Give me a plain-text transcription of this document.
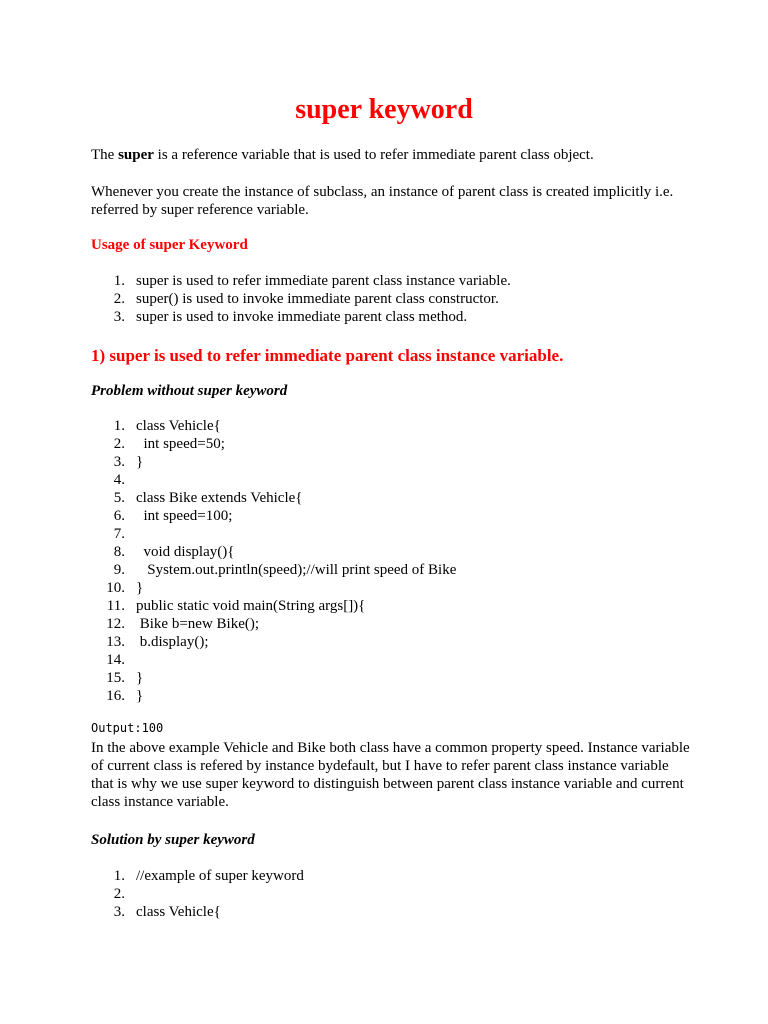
super keyword

The super is a reference variable that is used to refer immediate parent class object.

Whenever you create the instance of subclass, an instance of parent class is created implicitly i.e. referred by super reference variable.

Usage of super Keyword

1. super is used to refer immediate parent class instance variable.
2. super() is used to invoke immediate parent class constructor.
3. super is used to invoke immediate parent class method.

1) super is used to refer immediate parent class instance variable.

Problem without super keyword

1. class Vehicle{
2. int speed=50;
3. }
4.
5. class Bike extends Vehicle{
6. int speed=100;
7.
8. void display(){
9. System.out.println(speed);//will print speed of Bike
10. }
11. public static void main(String args[]){
12. Bike b=new Bike();
13. b.display();
14.
15. }
16. }

Output:100

In the above example Vehicle and Bike both class have a common property speed. Instance variable of current class is refered by instance bydefault, but I have to refer parent class instance variable that is why we use super keyword to distinguish between parent class instance variable and current class instance variable.

Solution by super keyword

1. //example of super keyword
2.
3. class Vehicle{
